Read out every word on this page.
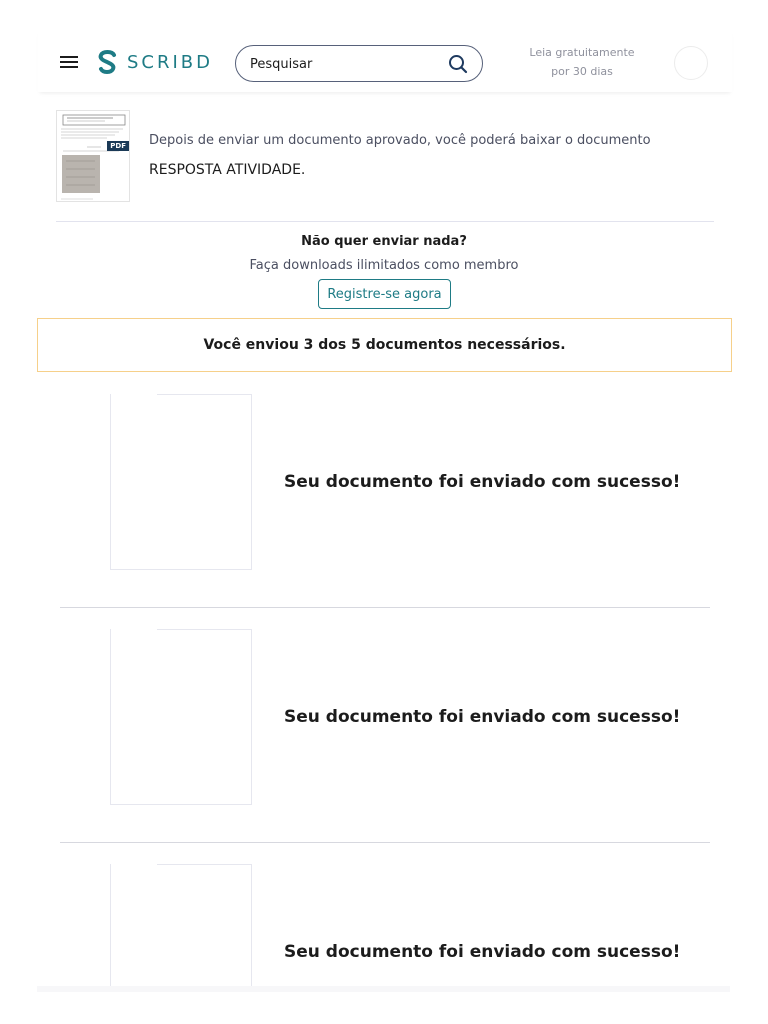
SCRIBD
Pesquisar	Leia gratuitamente
por 30 dias
PDF Depois de enviar um documento aprovado, você poderá baixar o documento
RESPOSTA ATIVIDADE.
Não quer enviar nada?
Faça downloads ilimitados como membro
Registre-se agora
Você enviou 3 dos 5 documentos necessários.
Seu documento foi enviado com sucesso!
Seu documento foi enviado com sucesso!
Seu documento foi enviado com sucesso!
